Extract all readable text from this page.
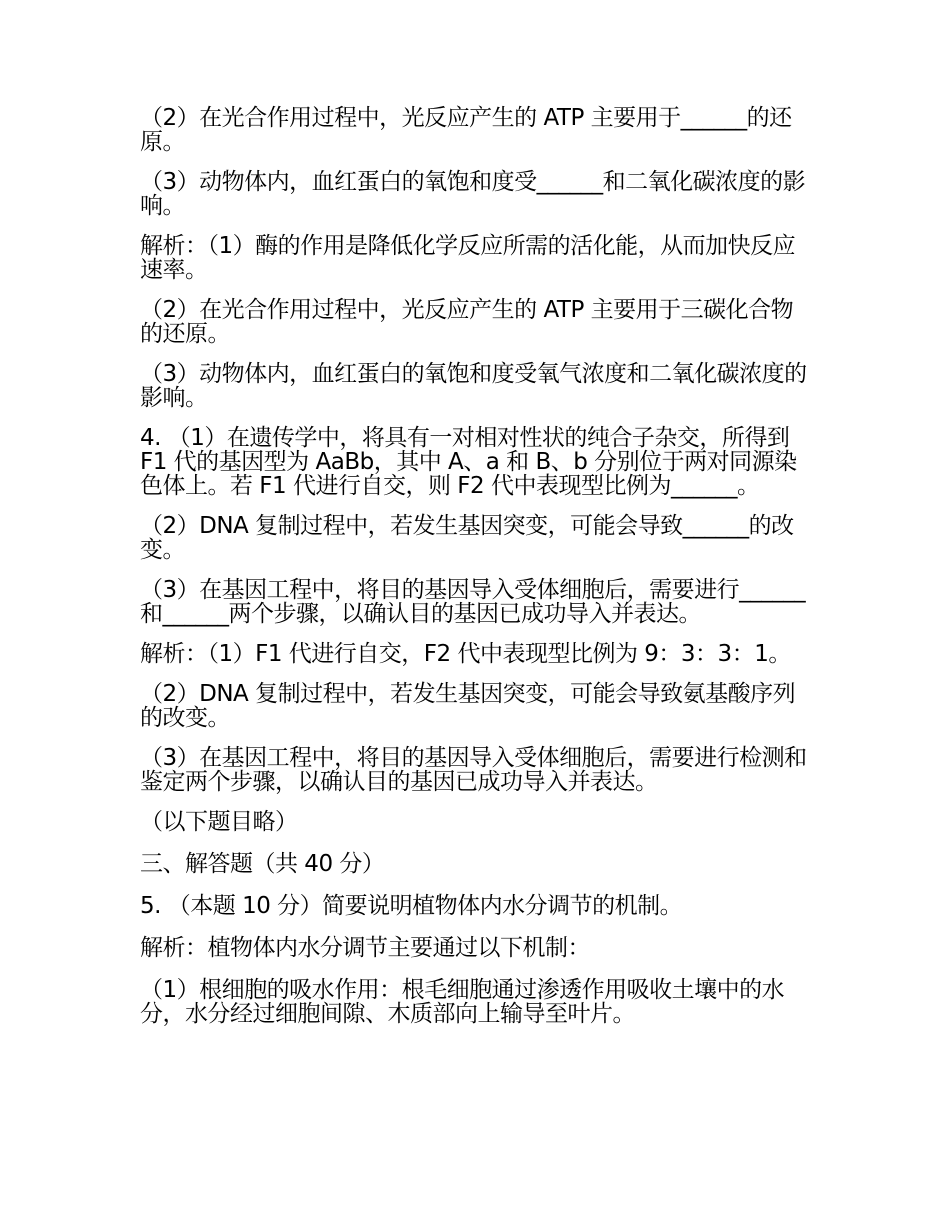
（2）在光合作用过程中，光反应产生的 ATP 主要用于______的还原。

（3）动物体内，血红蛋白的氧饱和度受______和二氧化碳浓度的影响。

解析：（1）酶的作用是降低化学反应所需的活化能，从而加快反应速率。

（2）在光合作用过程中，光反应产生的 ATP 主要用于三碳化合物的还原。

（3）动物体内，血红蛋白的氧饱和度受氧气浓度和二氧化碳浓度的影响。

4. （1）在遗传学中，将具有一对相对性状的纯合子杂交，所得到 F1 代的基因型为 AaBb，其中 A、a 和 B、b 分别位于两对同源染色体上。若 F1 代进行自交，则 F2 代中表现型比例为______。

（2）DNA 复制过程中，若发生基因突变，可能会导致______的改变。

（3）在基因工程中，将目的基因导入受体细胞后，需要进行______和______两个步骤，以确认目的基因已成功导入并表达。

解析：（1）F1 代进行自交，F2 代中表现型比例为 9：3：3：1。

（2）DNA 复制过程中，若发生基因突变，可能会导致氨基酸序列的改变。

（3）在基因工程中，将目的基因导入受体细胞后，需要进行检测和鉴定两个步骤，以确认目的基因已成功导入并表达。

（以下题目略）

三、解答题（共 40 分）

5. （本题 10 分）简要说明植物体内水分调节的机制。

解析：植物体内水分调节主要通过以下机制：

（1）根细胞的吸水作用：根毛细胞通过渗透作用吸收土壤中的水分，水分经过细胞间隙、木质部向上输导至叶片。
